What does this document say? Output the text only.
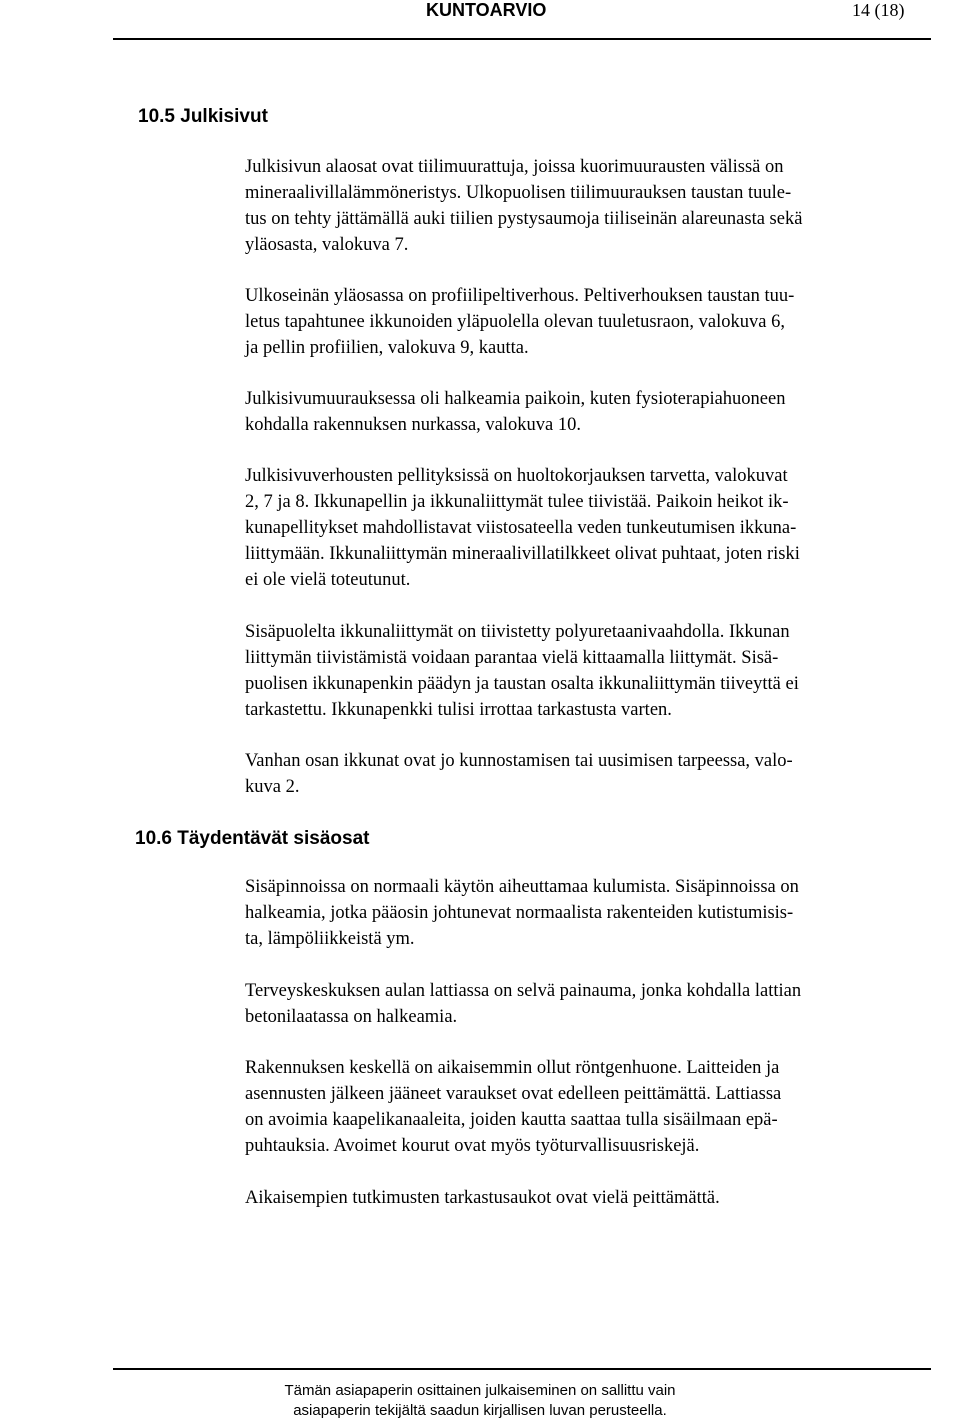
KUNTOARVIO	14 (18)
10.5 Julkisivut

Julkisivun alaosat ovat tiilimuurattuja, joissa kuorimuurausten välissä on
mineraalivillalämmöneristys. Ulkopuolisen tiilimuurauksen taustan tuule-
tus on tehty jättämällä auki tiilien pystysaumoja tiiliseinän alareunasta sekä
yläosasta, valokuva 7.

Ulkoseinän yläosassa on profiilipeltiverhous. Peltiverhouksen taustan tuu-
letus tapahtunee ikkunoiden yläpuolella olevan tuuletusraon, valokuva 6,
ja pellin profiilien, valokuva 9, kautta.

Julkisivumuurauksessa oli halkeamia paikoin, kuten fysioterapiahuoneen
kohdalla rakennuksen nurkassa, valokuva 10.

Julkisivuverhousten pellityksissä on huoltokorjauksen tarvetta, valokuvat
2, 7 ja 8. Ikkunapellin ja ikkunaliittymät tulee tiivistää. Paikoin heikot ik-
kunapellitykset mahdollistavat viistosateella veden tunkeutumisen ikkuna-
liittymään. Ikkunaliittymän mineraalivillatilkkeet olivat puhtaat, joten riski
ei ole vielä toteutunut.

Sisäpuolelta ikkunaliittymät on tiivistetty polyuretaanivaahdolla. Ikkunan
liittymän tiivistämistä voidaan parantaa vielä kittaamalla liittymät. Sisä-
puolisen ikkunapenkin päädyn ja taustan osalta ikkunaliittymän tiiveyttä ei
tarkastettu. Ikkunapenkki tulisi irrottaa tarkastusta varten.

Vanhan osan ikkunat ovat jo kunnostamisen tai uusimisen tarpeessa, valo-
kuva 2.

10.6 Täydentävät sisäosat

Sisäpinnoissa on normaali käytön aiheuttamaa kulumista. Sisäpinnoissa on
halkeamia, jotka pääosin johtunevat normaalista rakenteiden kutistumisis-
ta, lämpöliikkeistä ym.

Terveyskeskuksen aulan lattiassa on selvä painauma, jonka kohdalla lattian
betonilaatassa on halkeamia.

Rakennuksen keskellä on aikaisemmin ollut röntgenhuone. Laitteiden ja
asennusten jälkeen jääneet varaukset ovat edelleen peittämättä. Lattiassa
on avoimia kaapelikanaaleita, joiden kautta saattaa tulla sisäilmaan epä-
puhtauksia. Avoimet kourut ovat myös työturvallisuusriskejä.

Aikaisempien tutkimusten tarkastusaukot ovat vielä peittämättä.

Tämän asiapaperin osittainen julkaiseminen on sallittu vain
asiapaperin tekijältä saadun kirjallisen luvan perusteella.
